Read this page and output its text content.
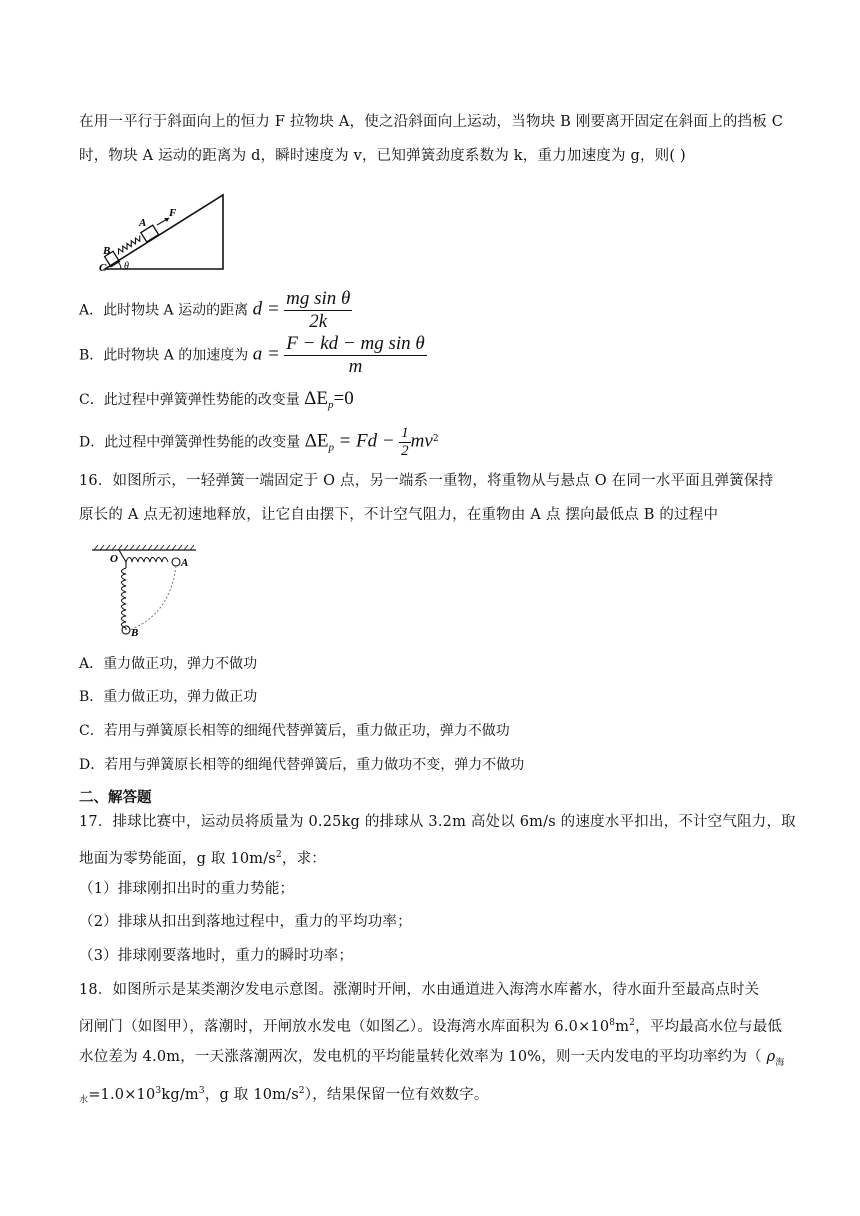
在用一平行于斜面向上的恒力 F 拉物块 A，使之沿斜面向上运动，当物块 B 刚要离开固定在斜面上的挡板 C
时，物块 A 运动的距离为 d，瞬时速度为 v，已知弹簧劲度系数为 k，重力加速度为 g，则( )
A
F
B
C θ
A．此时物块 A 运动的距离 $d = \frac{\text{mg sin θ}}{2k}$
B．此时物块 A 的加速度为 $a = \frac{\text{F − kd − mg sin θ}}{m}$
C．此过程中弹簧弹性势能的改变量 $\Delta E_p=0$
D．此过程中弹簧弹性势能的改变量 $\Delta E_p = Fd - \frac{1}{2} mv^2$
16．如图所示，一轻弹簧一端固定于 O 点，另一端系一重物，将重物从与悬点 O 在同一水平面且弹簧保持
原长的 A 点无初速地释放，让它自由摆下，不计空气阻力，在重物由 A 点 摆向最低点 B 的过程中
O	A
B
A．重力做正功，弹力不做功
B．重力做正功，弹力做正功
C．若用与弹簧原长相等的细绳代替弹簧后，重力做正功，弹力不做功
D．若用与弹簧原长相等的细绳代替弹簧后，重力做功不变，弹力不做功
二、解答题
17．排球比赛中，运动员将质量为 0.25kg 的排球从 3.2m 高处以 6m/s 的速度水平扣出，不计空气阻力，取
地面为零势能面，g 取 $10m/s^2$，求：
（1）排球刚扣出时的重力势能；
（2）排球从扣出到落地过程中，重力的平均功率；
（3）排球刚要落地时，重力的瞬时功率；
18．如图所示是某类潮汐发电示意图。涨潮时开闸，水由通道进入海湾水库蓄水，待水面升至最高点时关
闭闸门（如图甲），落潮时，开闸放水发电（如图乙）。设海湾水库面积为 $6.0\times 10^8m^2$，平均最高水位与最低
水位差为 4.0m，一天涨落潮两次，发电机的平均能量转化效率为 10%，则一天内发电的平均功率约为（ $\rho_海$
$_水=1.0\times 10^3kg/m^3$，g 取 $10m/s^2$），结果保留一位有效数字。
